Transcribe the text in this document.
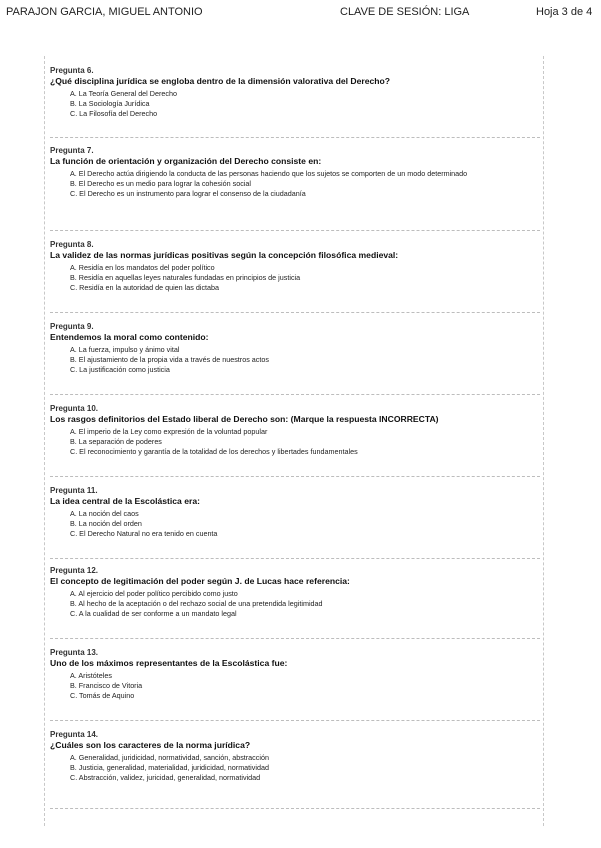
PARAJON GARCIA, MIGUEL ANTONIO	CLAVE DE SESIÓN: LIGA	Hoja 3 de 4
Pregunta 6.
¿Qué disciplina jurídica se engloba dentro de la dimensión valorativa del Derecho?
A. La Teoría General del Derecho
B. La Sociología Jurídica
C. La Filosofía del Derecho
Pregunta 7.
La función de orientación y organización del Derecho consiste en:
A. El Derecho actúa dirigiendo la conducta de las personas haciendo que los sujetos se comporten de un modo determinado
B. El Derecho es un medio para lograr la cohesión social
C. El Derecho es un instrumento para lograr el consenso de la ciudadanía
Pregunta 8.
La validez de las normas jurídicas positivas según la concepción filosófica medieval:
A. Residía en los mandatos del poder político
B. Residía en aquellas leyes naturales fundadas en principios de justicia
C. Residía en la autoridad de quien las dictaba
Pregunta 9.
Entendemos la moral como contenido:
A. La fuerza, impulso y ánimo vital
B. El ajustamiento de la propia vida a través de nuestros actos
C. La justificación como justicia
Pregunta 10.
Los rasgos definitorios del Estado liberal de Derecho son: (Marque la respuesta INCORRECTA)
A. El imperio de la Ley como expresión de la voluntad popular
B. La separación de poderes
C. El reconocimiento y garantía de la totalidad de los derechos y libertades fundamentales
Pregunta 11.
La idea central de la Escolástica era:
A. La noción del caos
B. La noción del orden
C. El Derecho Natural no era tenido en cuenta
Pregunta 12.
El concepto de legitimación del poder según J. de Lucas hace referencia:
A. Al ejercicio del poder político percibido como justo
B. Al hecho de la aceptación o del rechazo social de una pretendida legitimidad
C. A la cualidad de ser conforme a un mandato legal
Pregunta 13.
Uno de los máximos representantes de la Escolástica fue:
A. Aristóteles
B. Francisco de Vitoria
C. Tomás de Aquino
Pregunta 14.
¿Cuáles son los caracteres de la norma jurídica?
A. Generalidad, juridicidad, normatividad, sanción, abstracción
B. Justicia, generalidad, materialidad, juridicidad, normatividad
C. Abstracción, validez, juricidad, generalidad, normatividad
